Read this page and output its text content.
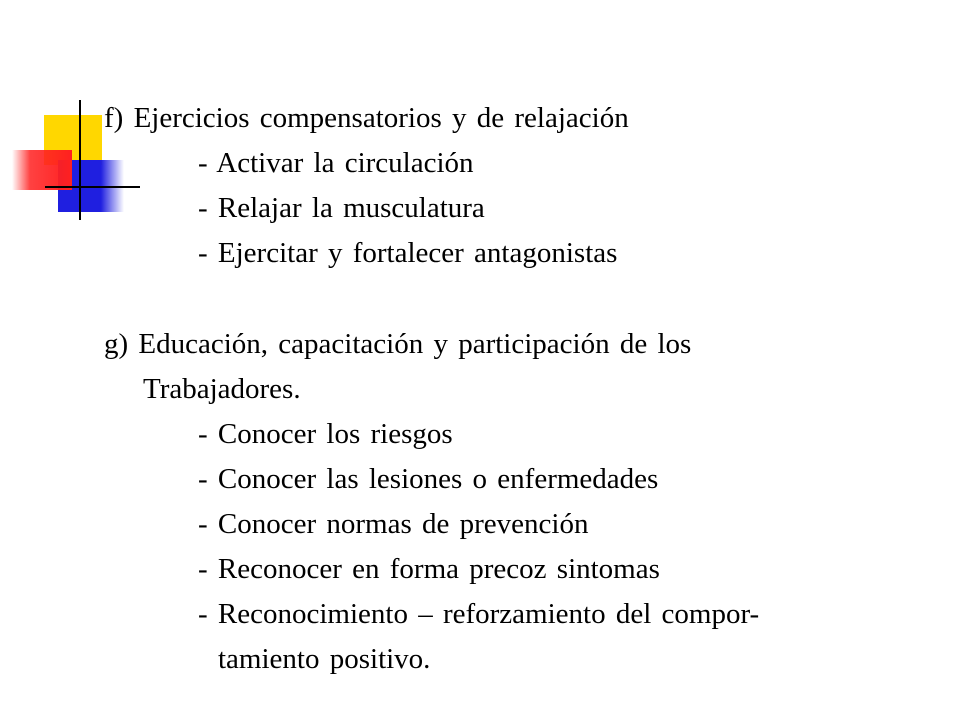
f) Ejercicios compensatorios y de relajación
- Activar la circulación
- Relajar la musculatura
- Ejercitar y fortalecer antagonistas
g) Educación, capacitación y participación de los
Trabajadores.
- Conocer los riesgos
- Conocer las lesiones o enfermedades
- Conocer normas de prevención
- Reconocer en forma precoz sintomas
- Reconocimiento – reforzamiento del compor-
tamiento positivo.
